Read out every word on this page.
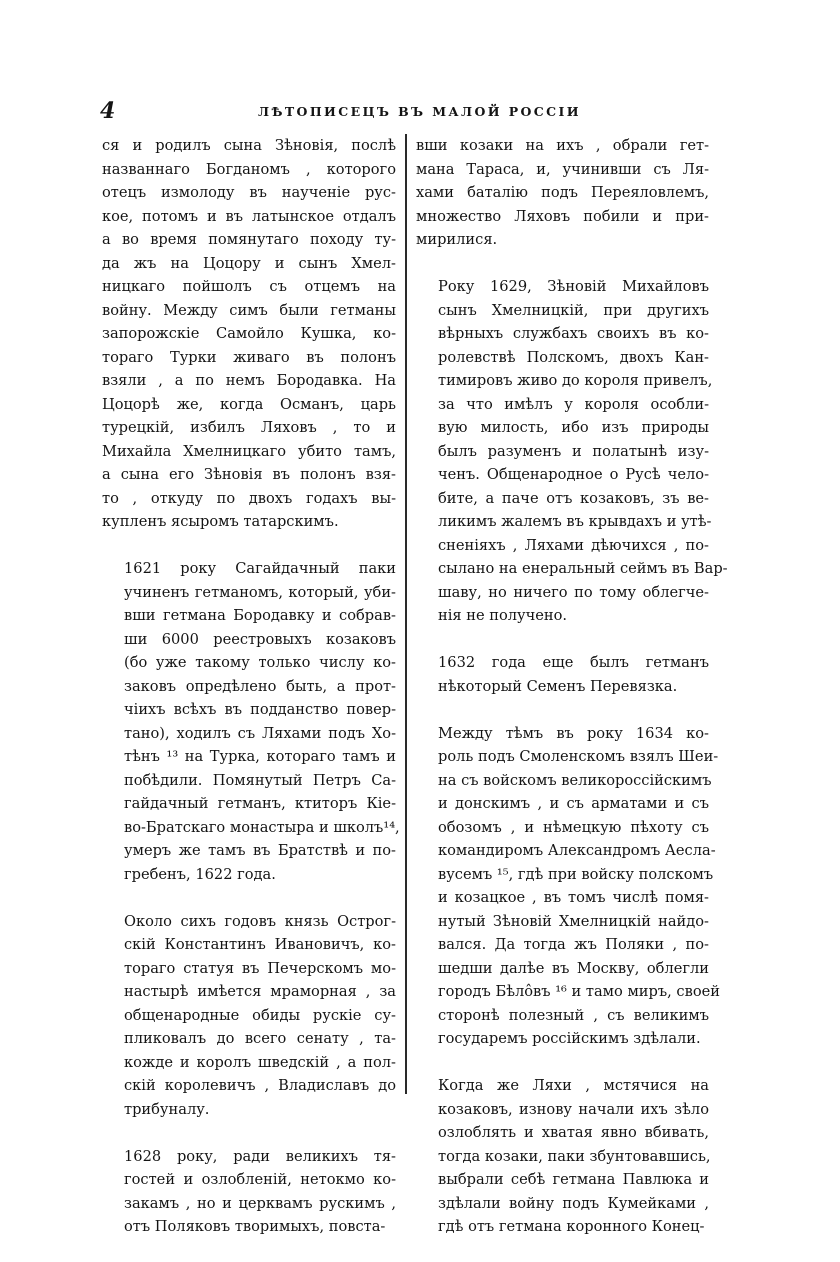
4	ЛѢТОПИСЕЦЪ ВЪ МАЛОЙ РОССІИ
ся и родилъ сына Зѣновія, послѣ
названнаго Богданомъ , которого
отецъ измолоду въ наученіе рус-
кое, потомъ и въ латынское отдалъ
а во время помянутаго походу ту-
да жъ на Цоцору и сынъ Хмел-
ницкаго пойшолъ съ отцемъ на
войну. Между симъ были гетманы
запорожскіе Самойло Кушка, ко-
тораго Турки живаго въ полонъ
взяли , а по немъ Бородавка. На
Цоцорѣ же, когда Османъ, царь
турецкій, избилъ Ляховъ , то и
Михайла Хмелницкаго убито тамъ,
а сына его Зѣновія въ полонъ взя-
то , откуду по двохъ годахъ вы-
купленъ ясыромъ татарскимъ.
1621 року Сагайдачный паки
учиненъ гетманомъ, который, уби-
вши гетмана Бородавку и собрав-
ши 6000 реестровыхъ козаковъ
(бо уже такому только числу ко-
заковъ опредѣлено быть, а прот-
чіихъ всѣхъ въ подданство повер-
тано), ходилъ съ Ляхами подъ Хо-
тѣнъ ¹³ на Турка, котораго тамъ и
побѣдили. Помянутый Петръ Са-
гайдачный гетманъ, ктиторъ Кіе-
во-Братскаго монастыра и школъ¹⁴,
умеръ же тамъ въ Братствѣ и по-
гребенъ, 1622 года.
Около сихъ годовъ князь Острог-
скій Константинъ Ивановичъ, ко-
тораго статуя въ Печерскомъ мо-
настырѣ имѣется мраморная , за
общенародные обиды рускіе су-
пликовалъ до всего сенату , та-
кожде и королъ шведскій , а пол-
скій королевичъ , Владиславъ до
трибуналу.
1628 року, ради великихъ тя-
гостей и озлобленій, нетокмо ко-
закамъ , но и церквамъ рускимъ ,
отъ Поляковъ творимыхъ, повста-
вши козаки на ихъ , обрали гет-
мана Тараса, и, учинивши съ Ля-
хами баталію подъ Переяловлемъ,
множество Ляховъ побили и при-
мирилися.
Року 1629, Зѣновій Михайловъ
сынъ Хмелницкій, при другихъ
вѣрныхъ службахъ своихъ въ ко-
ролевствѣ Полскомъ, двохъ Кан-
тимировъ живо до короля привелъ,
за что имѣлъ у короля особли-
вую милость, ибо изъ природы
былъ разуменъ и полатынѣ изу-
ченъ. Общенародное о Русѣ чело-
бите, а паче отъ козаковъ, зъ ве-
ликимъ жалемъ въ крывдахъ и утѣ-
сненіяхъ , Ляхами дѣючихся , по-
сылано на енеральный сеймъ въ Вар-
шаву, но ничего по тому облегче-
нія не получено.
1632 года еще былъ гетманъ
нѣкоторый Семенъ Перевязка.
Между тѣмъ въ року 1634 ко-
роль подъ Смоленскомъ взялъ Шеи-
на съ войскомъ великороссійскимъ
и донскимъ , и съ арматами и съ
обозомъ , и нѣмецкую пѣхоту съ
командиромъ Александромъ Аесла-
вусемъ ¹⁵, гдѣ при войску полскомъ
и козацкое , въ томъ числѣ помя-
нутый Зѣновій Хмелницкій найдо-
вался. Да тогда жъ Поляки , по-
шедши далѣе въ Москву, облегли
городъ Бѣлôвъ ¹⁶ и тамо миръ, своей
сторонѣ полезный , съ великимъ
государемъ россійскимъ здѣлали.
Когда же Ляхи , мстячися на
козаковъ, изнову начали ихъ зѣло
озлоблять и хватая явно вбивать,
тогда козаки, паки збунтовавшись,
выбрали себѣ гетмана Павлюка и
здѣлали войну подъ Кумейками ,
гдѣ отъ гетмана коронного Конец-
